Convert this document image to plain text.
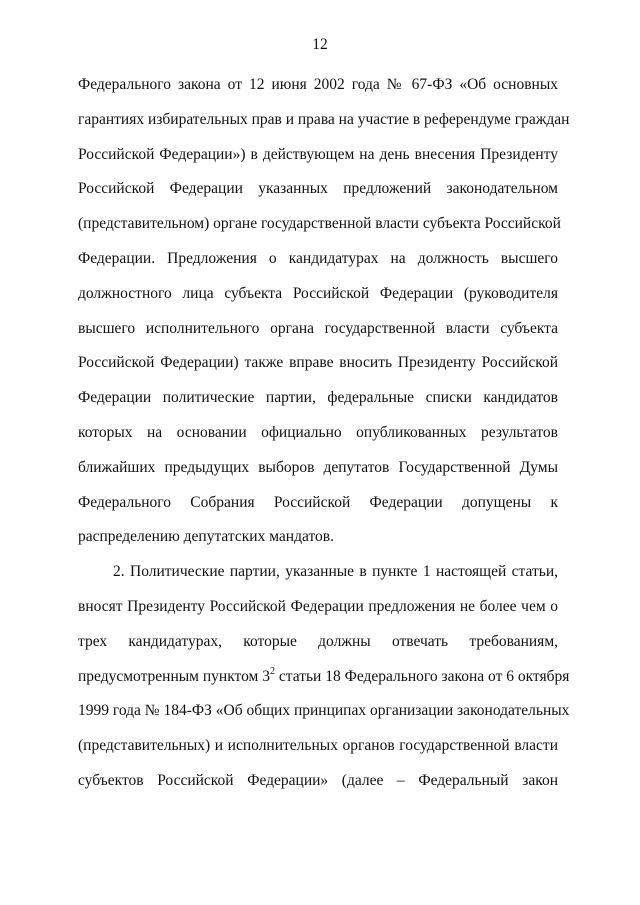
12
Федерального закона от 12 июня 2002 года № 67-ФЗ «Об основных
гарантиях избирательных прав и права на участие в референдуме граждан
Российской Федерации») в действующем на день внесения Президенту
Российской Федерации указанных предложений законодательном
(представительном) органе государственной власти субъекта Российской
Федерации. Предложения о кандидатурах на должность высшего
должностного лица субъекта Российской Федерации (руководителя
высшего исполнительного органа государственной власти субъекта
Российской Федерации) также вправе вносить Президенту Российской
Федерации политические партии, федеральные списки кандидатов
которых на основании официально опубликованных результатов
ближайших предыдущих выборов депутатов Государственной Думы
Федерального Собрания Российской Федерации допущены к
распределению депутатских мандатов.
2. Политические партии, указанные в пункте 1 настоящей статьи,
вносят Президенту Российской Федерации предложения не более чем о
трех кандидатурах, которые должны отвечать требованиям,
предусмотренным пунктом $3^2$ статьи 18 Федерального закона от 6 октября
1999 года № 184-ФЗ «Об общих принципах организации законодательных
(представительных) и исполнительных органов государственной власти
субъектов Российской Федерации» (далее – Федеральный закон
